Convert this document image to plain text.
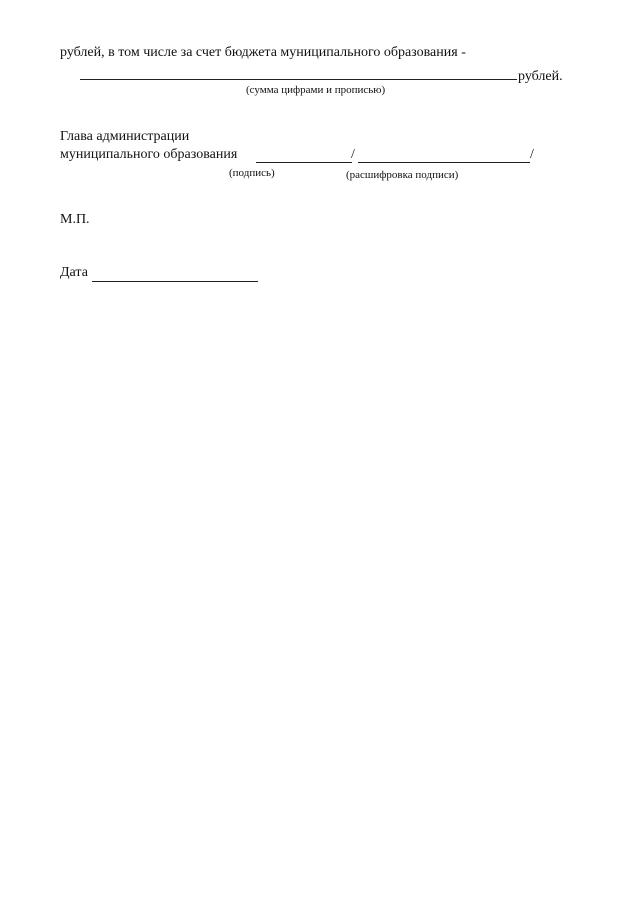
рублей, в том числе за счет бюджета муниципального образования -
рублей.
(сумма цифрами и прописью)
Глава администрации
муниципального образования	/	/
(подпись)	(расшифровка подписи)
М.П.
Дата
